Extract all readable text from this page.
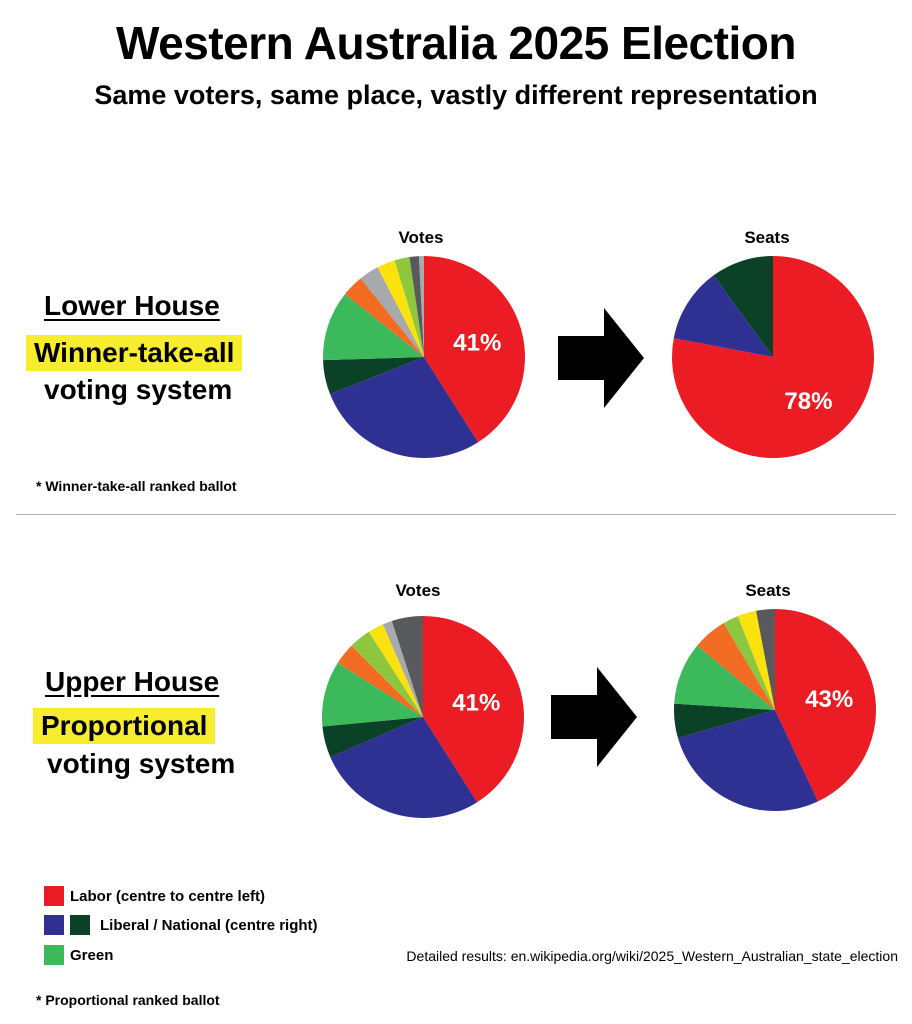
Western Australia 2025 Election
Same voters, same place, vastly different representation
Lower House
Winner-take-all
voting system
* Winner-take-all ranked ballot
Votes	Seats
41%
78%
Upper House
Proportional
voting system
Votes	Seats
41%	43%
Labor (centre to centre left)
Liberal / National (centre right)
Green	Detailed results: en.wikipedia.org/wiki/2025_Western_Australian_state_election
* Proportional ranked ballot
